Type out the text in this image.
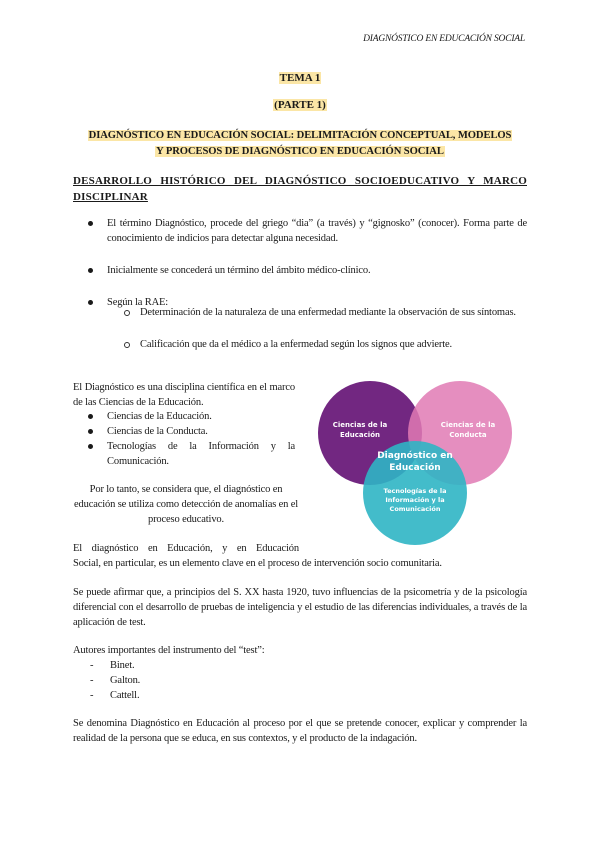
DIAGNÓSTICO EN EDUCACIÓN SOCIAL
TEMA 1
(PARTE 1)
DIAGNÓSTICO EN EDUCACIÓN SOCIAL: DELIMITACIÓN CONCEPTUAL, MODELOS
Y PROCESOS DE DIAGNÓSTICO EN EDUCACIÓN SOCIAL
DESARROLLO HISTÓRICO DEL DIAGNÓSTICO SOCIOEDUCATIVO Y MARCO DISCIPLINAR
El término Diagnóstico, procede del griego “dia” (a través) y “gignosko” (conocer). Forma parte de conocimiento de indicios para detectar alguna necesidad.
Inicialmente se concederá un término del ámbito médico-clínico.
Según la RAE:
Determinación de la naturaleza de una enfermedad mediante la observación de sus síntomas.
Calificación que da el médico a la enfermedad según los signos que advierte.
El Diagnóstico es una disciplina científica en el marco de las Ciencias de la Educación.
Ciencias de la Educación.
Ciencias de la Conducta.
Tecnologías de la Información y la Comunicación.
Por lo tanto, se considera que, el diagnóstico en educación se utiliza como detección de anomalías en el proceso educativo.
Ciencias de la
Educación
Ciencias de la
Conducta
Diagnóstico en
Educación
Tecnologías de la
Información y la
Comunicación
El diagnóstico en Educación, y en Educación
Social, en particular, es un elemento clave en el proceso de intervención socio comunitaria.
Se puede afirmar que, a principios del S. XX hasta 1920, tuvo influencias de la psicometría y de la psicología diferencial con el desarrollo de pruebas de inteligencia y el estudio de las diferencias individuales, a través de la aplicación de test.
Autores importantes del instrumento del “test”:
- Binet.
- Galton.
- Cattell.
Se denomina Diagnóstico en Educación al proceso por el que se pretende conocer, explicar y comprender la realidad de la persona que se educa, en sus contextos, y el producto de la indagación.
